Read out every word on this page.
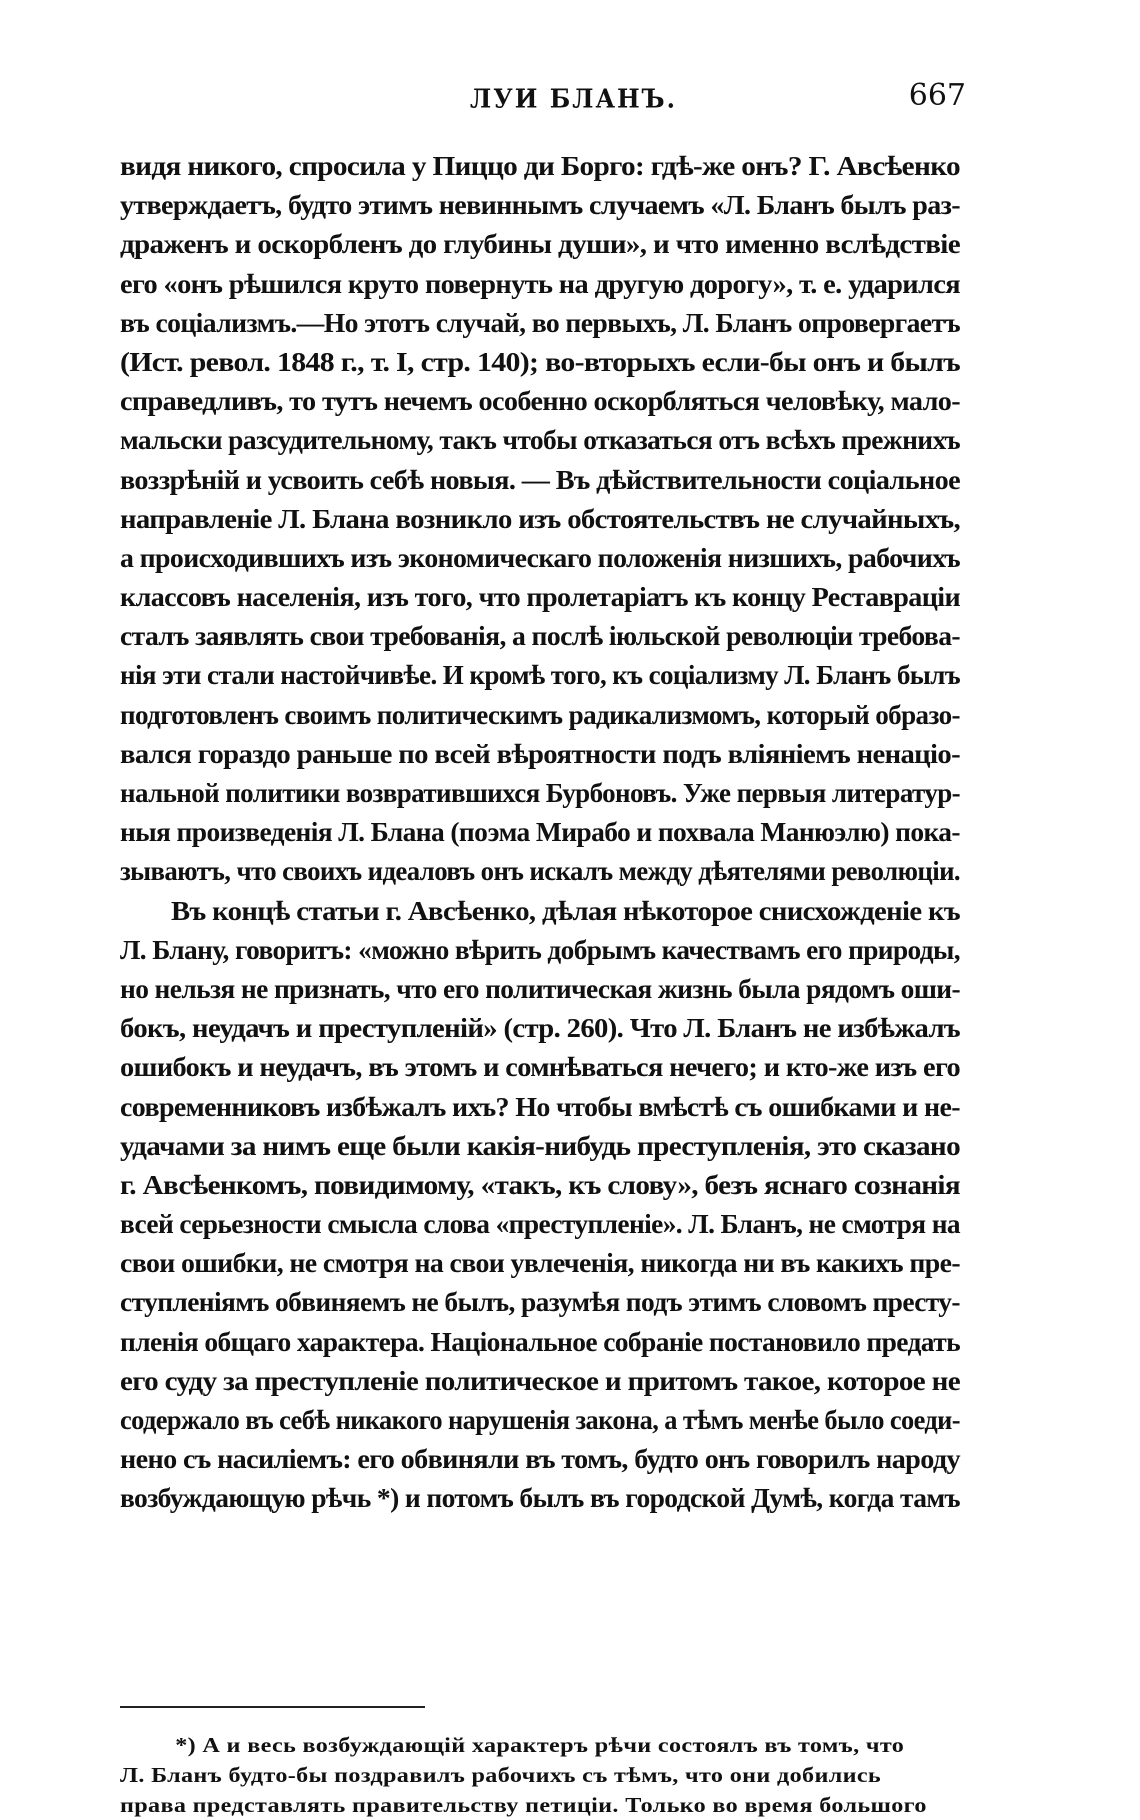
ЛУИ БЛАНЪ.	667
видя никого, спросила у Пиццо ди Борго: гдѣ-же онъ? Г. Авсѣенко
утверждаетъ, будто этимъ невиннымъ случаемъ «Л. Бланъ былъ раз-
драженъ и оскорбленъ до глубины души», и что именно вслѣдствіе
его «онъ рѣшился круто повернуть на другую дорогу», т. е. ударился
въ соціализмъ.—Но этотъ случай, во первыхъ, Л. Бланъ опровергаетъ
(Ист. револ. 1848 г., т. I, стр. 140); во-вторыхъ если-бы онъ и былъ
справедливъ, то тутъ нечемъ особенно оскорбляться человѣку, мало-
мальски разсудительному, такъ чтобы отказаться отъ всѣхъ прежнихъ
воззрѣній и усвоить себѣ новыя. — Въ дѣйствительности соціальное
направленіе Л. Блана возникло изъ обстоятельствъ не случайныхъ,
а происходившихъ изъ экономическаго положенія низшихъ, рабочихъ
классовъ населенія, изъ того, что пролетаріатъ къ концу Реставраціи
сталъ заявлять свои требованія, а послѣ іюльской революціи требова-
нія эти стали настойчивѣе. И кромѣ того, къ соціализму Л. Бланъ былъ
подготовленъ своимъ политическимъ радикализмомъ, который образо-
вался гораздо раньше по всей вѣроятности подъ вліяніемъ ненаціо-
нальной политики возвратившихся Бурбоновъ. Уже первыя литератур-
ныя произведенія Л. Блана (поэма Мирабо и похвала Манюэлю) пока-
зываютъ, что своихъ идеаловъ онъ искалъ между дѣятелями революціи.
Въ концѣ статьи г. Авсѣенко, дѣлая нѣкоторое снисхожденіе къ
Л. Блану, говоритъ: «можно вѣрить добрымъ качествамъ его природы,
но нельзя не признать, что его политическая жизнь была рядомъ оши-
бокъ, неудачъ и преступленій» (стр. 260). Что Л. Бланъ не избѣжалъ
ошибокъ и неудачъ, въ этомъ и сомнѣваться нечего; и кто-же изъ его
современниковъ избѣжалъ ихъ? Но чтобы вмѣстѣ съ ошибками и не-
удачами за нимъ еще были какія-нибудь преступленія, это сказано
г. Авсѣенкомъ, повидимому, «такъ, къ слову», безъ яснаго сознанія
всей серьезности смысла слова «преступленіе». Л. Бланъ, не смотря на
свои ошибки, не смотря на свои увлеченія, никогда ни въ какихъ пре-
ступленіямъ обвиняемъ не былъ, разумѣя подъ этимъ словомъ престу-
пленія общаго характера. Національное собраніе постановило предать
его суду за преступленіе политическое и притомъ такое, которое не
содержало въ себѣ никакого нарушенія закона, а тѣмъ менѣе было соеди-
нено съ насиліемъ: его обвиняли въ томъ, будто онъ говорилъ народу
возбуждающую рѣчь *) и потомъ былъ въ городской Думѣ, когда тамъ
*) А и весь возбуждающій характеръ рѣчи состоялъ въ томъ, что
Л. Бланъ будто-бы поздравилъ рабочихъ съ тѣмъ, что они добились
права представлять правительству петиціи. Только во время большого
